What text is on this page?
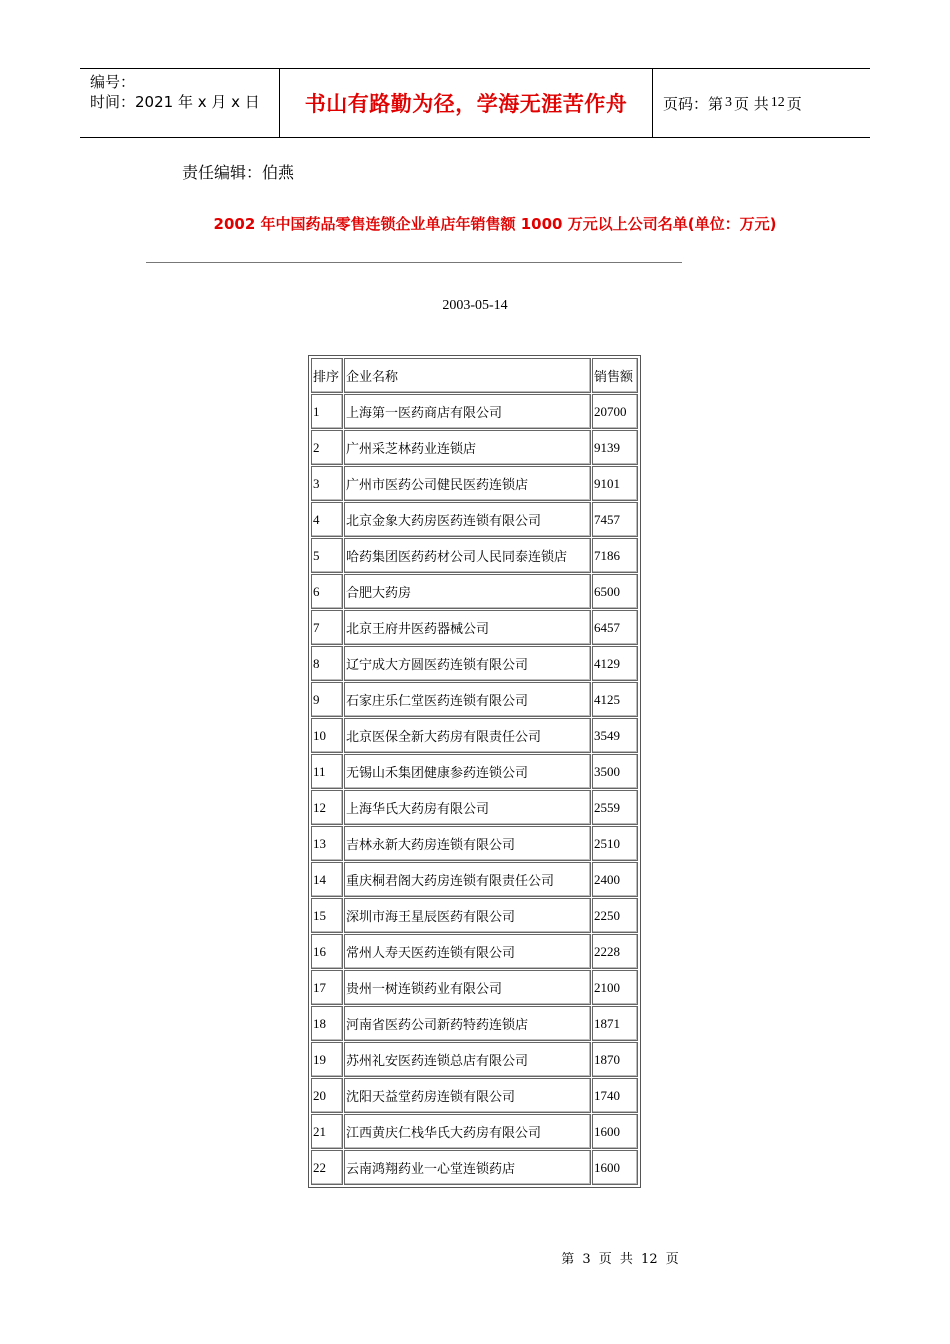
编号：
时间：2021 年 x 月 x 日	书山有路勤为径，学海无涯苦作舟	页码：第 3 页 共 12 页
责任编辑：伯燕
2002 年中国药品零售连锁企业单店年销售额 1000 万元以上公司名单(单位：万元)
2003-05-14
排序	企业名称	销售额
1	上海第一医药商店有限公司	20700
2	广州采芝林药业连锁店	9139
3	广州市医药公司健民医药连锁店	9101
4	北京金象大药房医药连锁有限公司	7457
5	哈药集团医药药材公司人民同泰连锁店	7186
6	合肥大药房	6500
7	北京王府井医药器械公司	6457
8	辽宁成大方圆医药连锁有限公司	4129
9	石家庄乐仁堂医药连锁有限公司	4125
10	北京医保全新大药房有限责任公司	3549
11	无锡山禾集团健康参药连锁公司	3500
12	上海华氏大药房有限公司	2559
13	吉林永新大药房连锁有限公司	2510
14	重庆桐君阁大药房连锁有限责任公司	2400
15	深圳市海王星辰医药有限公司	2250
16	常州人寿天医药连锁有限公司	2228
17	贵州一树连锁药业有限公司	2100
18	河南省医药公司新药特药连锁店	1871
19	苏州礼安医药连锁总店有限公司	1870
20	沈阳天益堂药房连锁有限公司	1740
21	江西黄庆仁栈华氏大药房有限公司	1600
22	云南鸿翔药业一心堂连锁药店	1600
第 3 页 共 12 页
